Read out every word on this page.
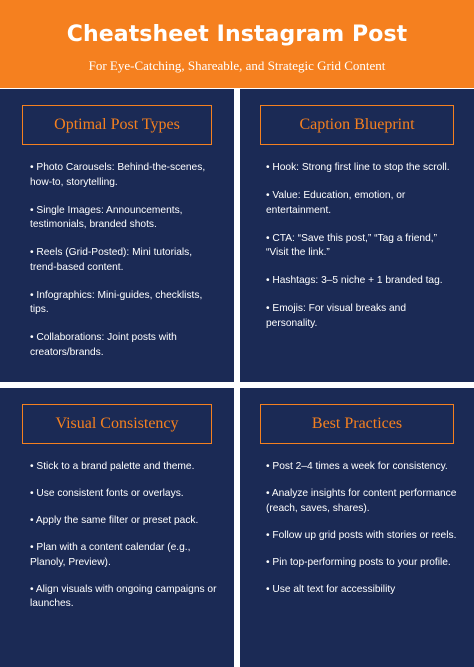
Cheatsheet Instagram Post
For Eye-Catching, Shareable, and Strategic Grid Content
Optimal Post Types
• Photo Carousels: Behind-the-scenes, how-to, storytelling.
• Single Images: Announcements, testimonials, branded shots.
• Reels (Grid-Posted): Mini tutorials, trend-based content.
• Infographics: Mini-guides, checklists, tips.
• Collaborations: Joint posts with creators/brands.
Caption Blueprint
• Hook: Strong first line to stop the scroll.
• Value: Education, emotion, or entertainment.
• CTA: “Save this post,” “Tag a friend,” “Visit the link.”
• Hashtags: 3–5 niche + 1 branded tag.
• Emojis: For visual breaks and personality.
Visual Consistency
• Stick to a brand palette and theme.
• Use consistent fonts or overlays.
• Apply the same filter or preset pack.
• Plan with a content calendar (e.g., Planoly, Preview).
• Align visuals with ongoing campaigns or launches.
Best Practices
• Post 2–4 times a week for consistency.
• Analyze insights for content performance (reach, saves, shares).
• Follow up grid posts with stories or reels.
• Pin top-performing posts to your profile.
• Use alt text for accessibility
